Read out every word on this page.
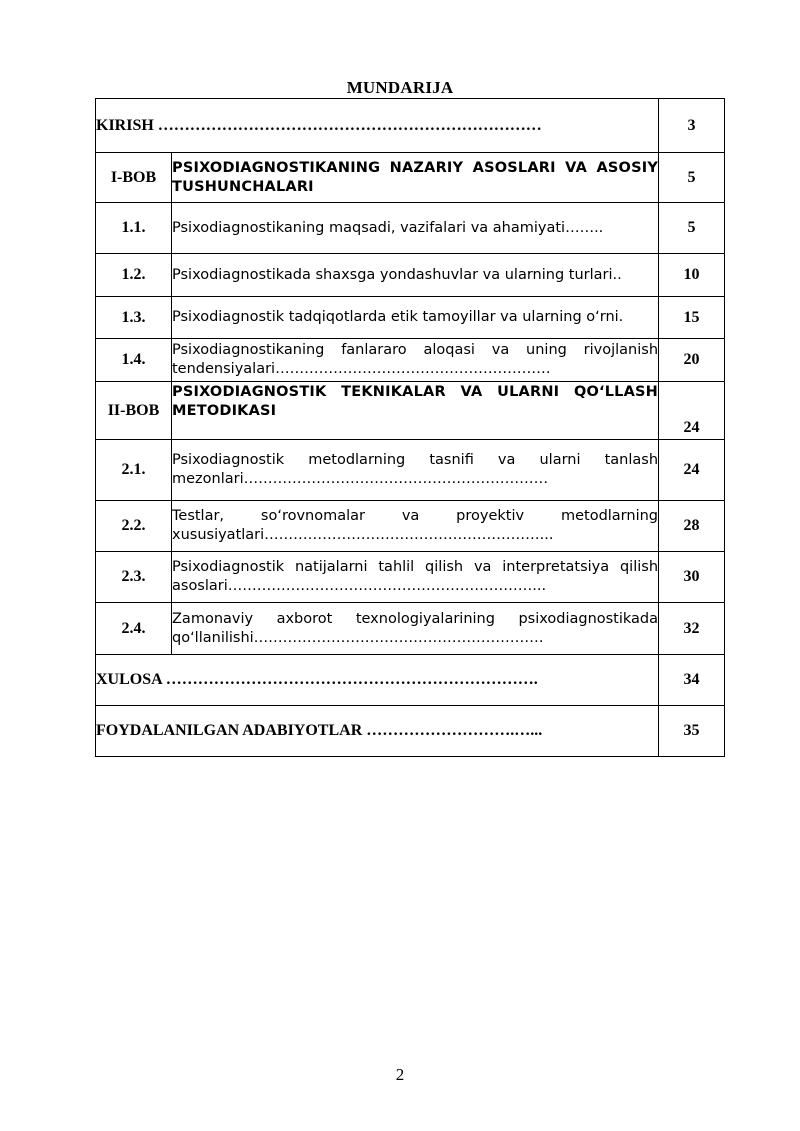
MUNDARIJA
KIRISH ………………………………………………………………		3
I-BOB	PSIXODIAGNOSTIKANING NAZARIY ASOSLARI VA ASOSIY TUSHUNCHALARI	5
1.1.	Psixodiagnostikaning maqsadi, vazifalari va ahamiyati……..	5
1.2.	Psixodiagnostikada shaxsga yondashuvlar va ularning turlari..	10
1.3.	Psixodiagnostik tadqiqotlarda etik tamoyillar va ularning oʻrni.	15
1.4.	Psixodiagnostikaning fanlararo aloqasi va uning rivojlanish tendensiyalari…………………………………………………	20
II-BOB	PSIXODIAGNOSTIK TEKNIKALAR VA ULARNI QOʻLLASH METODIKASI	24
2.1.	Psixodiagnostik metodlarning tasnifi va ularni tanlash mezonlari………………………………………………………	24
2.2.	Testlar, soʻrovnomalar va proyektiv metodlarning xususiyatlari…………………………………………………...	28
2.3.	Psixodiagnostik natijalarni tahlil qilish va interpretatsiya qilish asoslari………………………………………………………...	30
2.4.	Zamonaviy axborot texnologiyalarining psixodiagnostikada qoʻllanilishi……………………………………………………	32
XULOSA …………………………………………………………….		34
FOYDALANILGAN ADABIYOTLAR ……………………….…...		35
2
